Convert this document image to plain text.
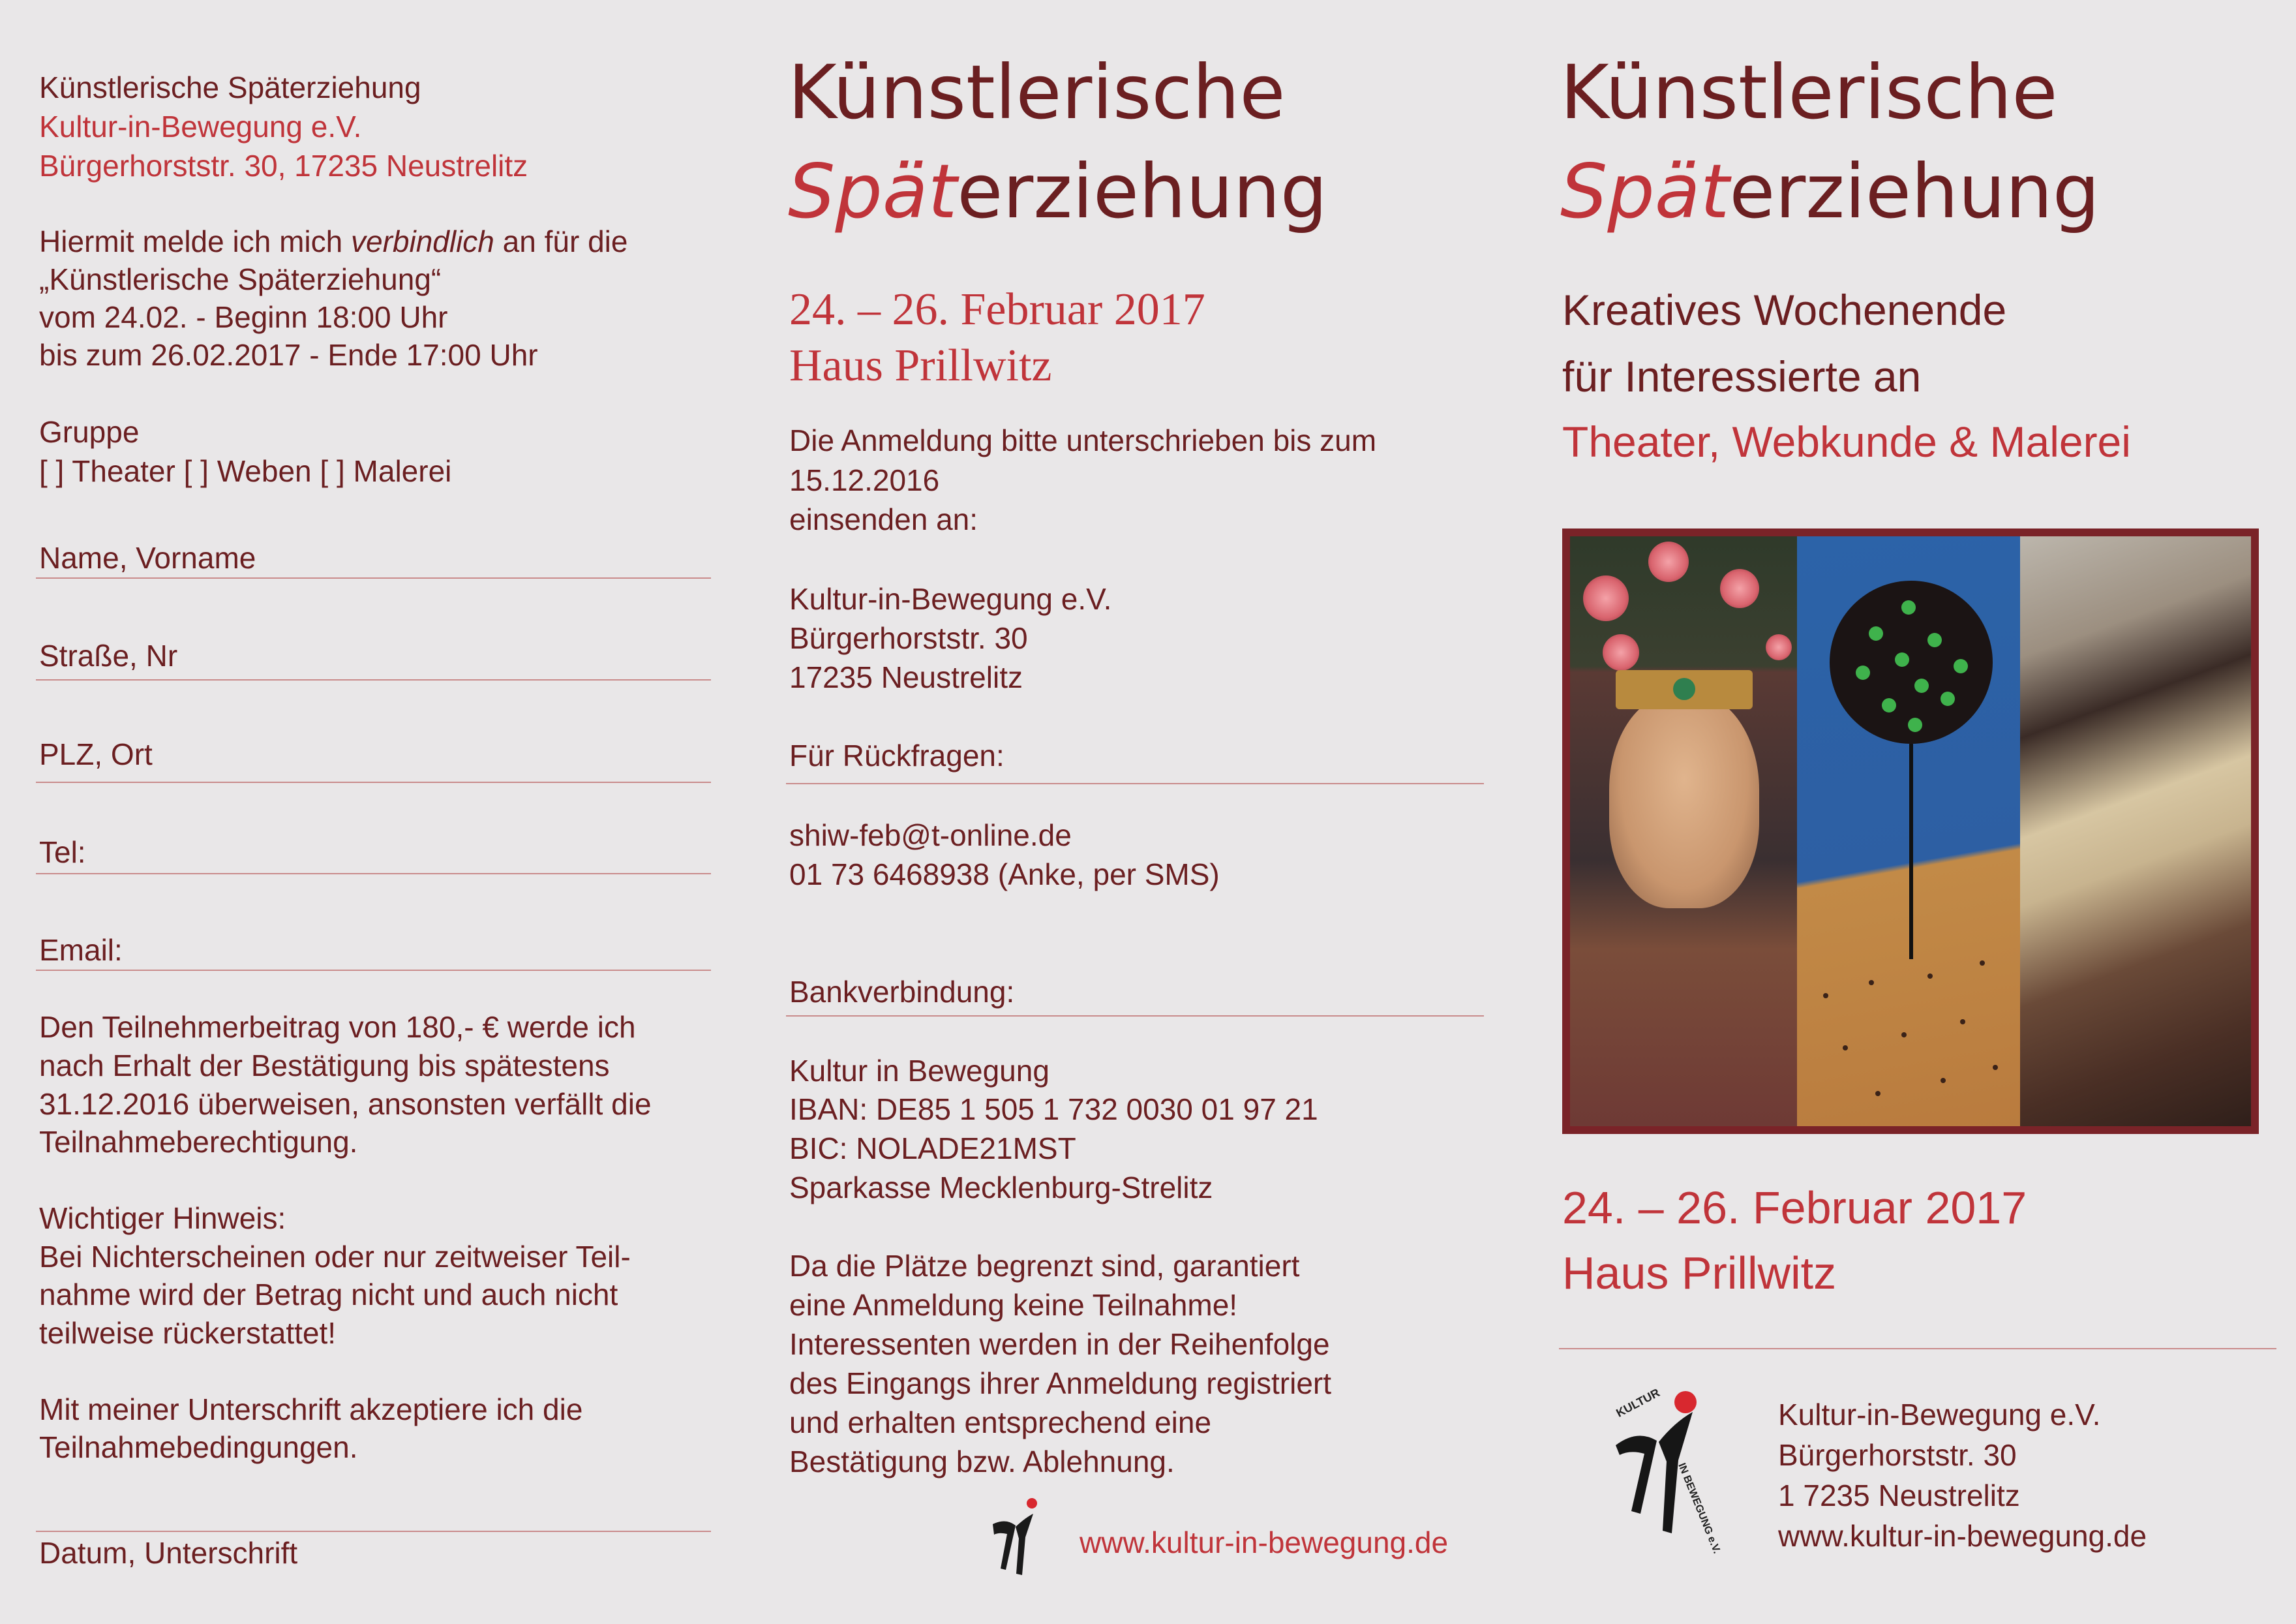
Künstlerische Späterziehung
Kultur-in-Bewegung e.V.
Bürgerhorststr. 30, 17235 Neustrelitz
Hiermit melde ich mich verbindlich an für die
„Künstlerische Späterziehung“
vom 24.02. - Beginn 18:00 Uhr
bis zum 26.02.2017 - Ende 17:00 Uhr
Gruppe
[ ] Theater [ ] Weben [ ] Malerei
Name, Vorname
Straße, Nr
PLZ, Ort
Tel:
Email:
Den Teilnehmerbeitrag von 180,- € werde ich
nach Erhalt der Bestätigung bis spätestens
31.12.2016 überweisen, ansonsten verfällt die
Teilnahmeberechtigung.
Wichtiger Hinweis:
Bei Nichterscheinen oder nur zeitweiser Teil-
nahme wird der Betrag nicht und auch nicht
teilweise rückerstattet!
Mit meiner Unterschrift akzeptiere ich die
Teilnahmebedingungen.
Datum, Unterschrift
Künstlerische
Späterziehung
24. – 26. Februar 2017
Haus Prillwitz
Die Anmeldung bitte unterschrieben bis zum
15.12.2016
einsenden an:
Kultur-in-Bewegung e.V.
Bürgerhorststr. 30
17235 Neustrelitz
Für Rückfragen:
shiw-feb@t-online.de
01 73 6468938 (Anke, per SMS)
Bankverbindung:
Kultur in Bewegung
IBAN: DE85 1 505 1 732 0030 01 97 21
BIC: NOLADE21MST
Sparkasse Mecklenburg-Strelitz
Da die Plätze begrenzt sind, garantiert
eine Anmeldung keine Teilnahme!
Interessenten werden in der Reihenfolge
des Eingangs ihrer Anmeldung registriert
und erhalten entsprechend eine
Bestätigung bzw. Ablehnung.
www.kultur-in-bewegung.de
Künstlerische
Späterziehung
Kreatives Wochenende
für Interessierte an
Theater, Webkunde & Malerei
24. – 26. Februar 2017
Haus Prillwitz
KULTUR
IN BEWEGUNG e.V.
Kultur-in-Bewegung e.V.
Bürgerhorststr. 30
1 7235 Neustrelitz
www.kultur-in-bewegung.de
